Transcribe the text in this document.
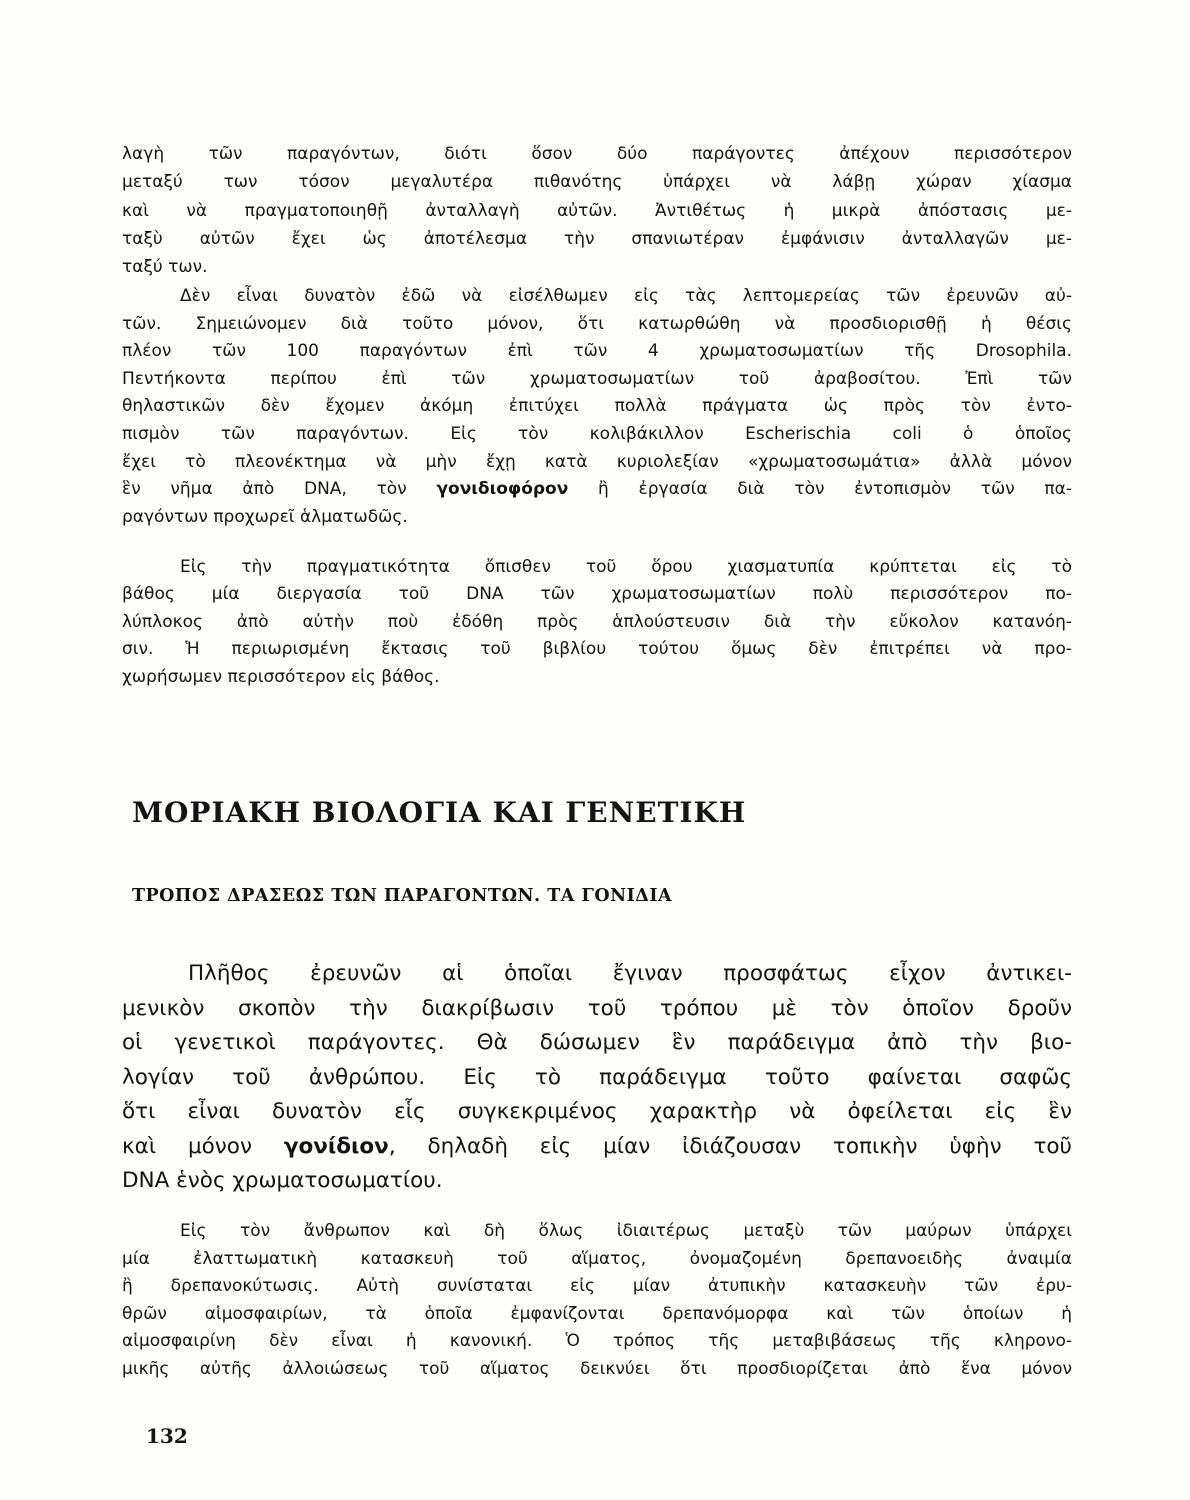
λαγὴ τῶν παραγόντων, διότι ὅσον δύο παράγοντες ἀπέχουν περισσότερον
μεταξύ των τόσον μεγαλυτέρα πιθανότης ὑπάρχει νὰ λάβῃ χώραν χίασμα
καὶ νὰ πραγματοποιηθῇ ἀνταλλαγὴ αὐτῶν. Ἀντιθέτως ἡ μικρὰ ἀπόστασις με-
ταξὺ αὐτῶν ἔχει ὡς ἀποτέλεσμα τὴν σπανιωτέραν ἐμφάνισιν ἀνταλλαγῶν με-
ταξύ των.
Δὲν εἶναι δυνατὸν ἐδῶ νὰ εἰσέλθωμεν εἰς τὰς λεπτομερείας τῶν ἐρευνῶν αὐ-
τῶν. Σημειώνομεν διὰ τοῦτο μόνον, ὅτι κατωρθώθη νὰ προσδιορισθῇ ἡ θέσις
πλέον τῶν 100 παραγόντων ἐπὶ τῶν 4 χρωματοσωματίων τῆς Drosophila.
Πεντήκοντα περίπου ἐπὶ τῶν χρωματοσωματίων τοῦ ἀραβοσίτου. Ἐπὶ τῶν
θηλαστικῶν δὲν ἔχομεν ἀκόμη ἐπιτύχει πολλὰ πράγματα ὡς πρὸς τὸν ἐντο-
πισμὸν τῶν παραγόντων. Εἰς τὸν κολιβάκιλλον Escherischia coli ὁ ὁποῖος
ἔχει τὸ πλεονέκτημα νὰ μὴν ἔχῃ κατὰ κυριολεξίαν «χρωματοσωμάτια» ἀλλὰ μόνον
ἓν νῆμα ἀπὸ DNA, τὸν γονιδιοφόρον ἢ ἐργασία διὰ τὸν ἐντοπισμὸν τῶν πα-
ραγόντων προχωρεῖ ἁλματωδῶς.
Εἰς τὴν πραγματικότητα ὄπισθεν τοῦ ὅρου χιασματυπία κρύπτεται εἰς τὸ
βάθος μία διεργασία τοῦ DNA τῶν χρωματοσωματίων πολὺ περισσότερον πο-
λύπλοκος ἀπὸ αὐτὴν ποὺ ἐδόθη πρὸς ἁπλούστευσιν διὰ τὴν εὔκολον κατανόη-
σιν. Ἡ περιωρισμένη ἔκτασις τοῦ βιβλίου τούτου ὅμως δὲν ἐπιτρέπει νὰ προ-
χωρήσωμεν περισσότερον εἰς βάθος.
ΜΟΡΙΑΚΗ ΒΙΟΛΟΓΙΑ ΚΑΙ ΓΕΝΕΤΙΚΗ
ΤΡΟΠΟΣ ΔΡΑΣΕΩΣ ΤΩΝ ΠΑΡΑΓΟΝΤΩΝ. ΤΑ ΓΟΝΙΔΙΑ
Πλῆθος ἐρευνῶν αἱ ὁποῖαι ἔγιναν προσφάτως εἶχον ἀντικει-
μενικὸν σκοπὸν τὴν διακρίβωσιν τοῦ τρόπου μὲ τὸν ὁποῖον δροῦν
οἱ γενετικοὶ παράγοντες. Θὰ δώσωμεν ἓν παράδειγμα ἀπὸ τὴν βιο-
λογίαν τοῦ ἀνθρώπου. Εἰς τὸ παράδειγμα τοῦτο φαίνεται σαφῶς
ὅτι εἶναι δυνατὸν εἷς συγκεκριμένος χαρακτὴρ νὰ ὀφείλεται εἰς ἓν
καὶ μόνον γονίδιον, δηλαδὴ εἰς μίαν ἰδιάζουσαν τοπικὴν ὑφὴν τοῦ
DNA ἑνὸς χρωματοσωματίου.
Εἰς τὸν ἄνθρωπον καὶ δὴ ὅλως ἰδιαιτέρως μεταξὺ τῶν μαύρων ὑπάρχει
μία ἐλαττωματικὴ κατασκευὴ τοῦ αἵματος, ὀνομαζομένη δρεπανοειδὴς ἀναιμία
ἢ δρεπανοκύτωσις. Αὐτὴ συνίσταται εἰς μίαν ἀτυπικὴν κατασκευὴν τῶν ἐρυ-
θρῶν αἱμοσφαιρίων, τὰ ὁποῖα ἐμφανίζονται δρεπανόμορφα καὶ τῶν ὁποίων ἡ
αἱμοσφαιρίνη δὲν εἶναι ἡ κανονική. Ὁ τρόπος τῆς μεταβιβάσεως τῆς κληρονο-
μικῆς αὐτῆς ἀλλοιώσεως τοῦ αἵματος δεικνύει ὅτι προσδιορίζεται ἀπὸ ἕνα μόνον
132
